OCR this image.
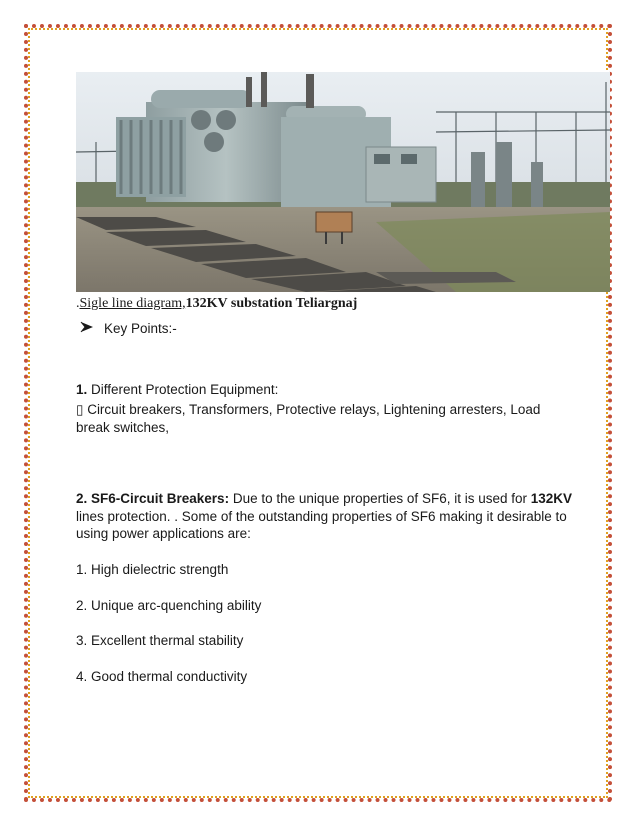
.Sigle line diagram,132KV substation Teliargnaj
Key Points:-
1. Different Protection Equipment:
▯ Circuit breakers, Transformers, Protective relays, Lightening arresters, Load break switches,
2. SF6-Circuit Breakers: Due to the unique properties of SF6, it is used for 132KV lines protection. . Some of the outstanding properties of SF6 making it desirable to using power applications are:
1. High dielectric strength
2. Unique arc-quenching ability
3. Excellent thermal stability
4. Good thermal conductivity
